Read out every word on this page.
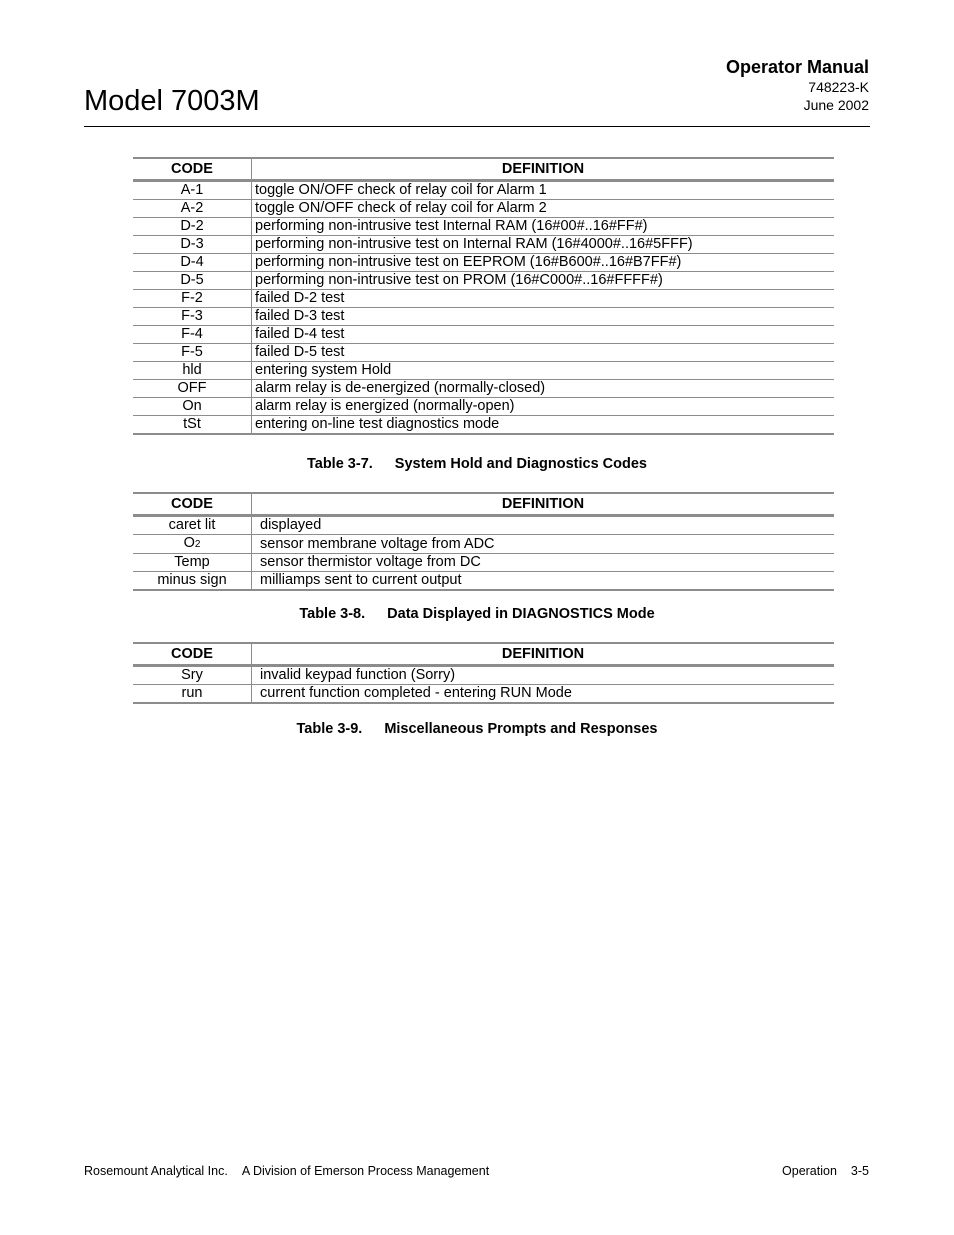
Model 7003M
Operator Manual
748223-K
June 2002
CODE	DEFINITION
A-1	toggle ON/OFF check of relay coil for Alarm 1
A-2	toggle ON/OFF check of relay coil for Alarm 2
D-2	performing non-intrusive test Internal RAM (16#00#..16#FF#)
D-3	performing non-intrusive test on Internal RAM (16#4000#..16#5FFF)
D-4	performing non-intrusive test on EEPROM (16#B600#..16#B7FF#)
D-5	performing non-intrusive test on PROM (16#C000#..16#FFFF#)
F-2	failed D-2 test
F-3	failed D-3 test
F-4	failed D-4 test
F-5	failed D-5 test
hld	entering system Hold
OFF	alarm relay is de-energized (normally-closed)
On	alarm relay is energized (normally-open)
tSt	entering on-line test diagnostics mode
Table 3-7. System Hold and Diagnostics Codes
CODE	DEFINITION
caret lit	displayed
O2	sensor membrane voltage from ADC
Temp	sensor thermistor voltage from DC
minus sign	milliamps sent to current output
Table 3-8. Data Displayed in DIAGNOSTICS Mode
CODE	DEFINITION
Sry	invalid keypad function (Sorry)
run	current function completed - entering RUN Mode
Table 3-9. Miscellaneous Prompts and Responses
Rosemount Analytical Inc. A Division of Emerson Process Management	Operation 3-5
